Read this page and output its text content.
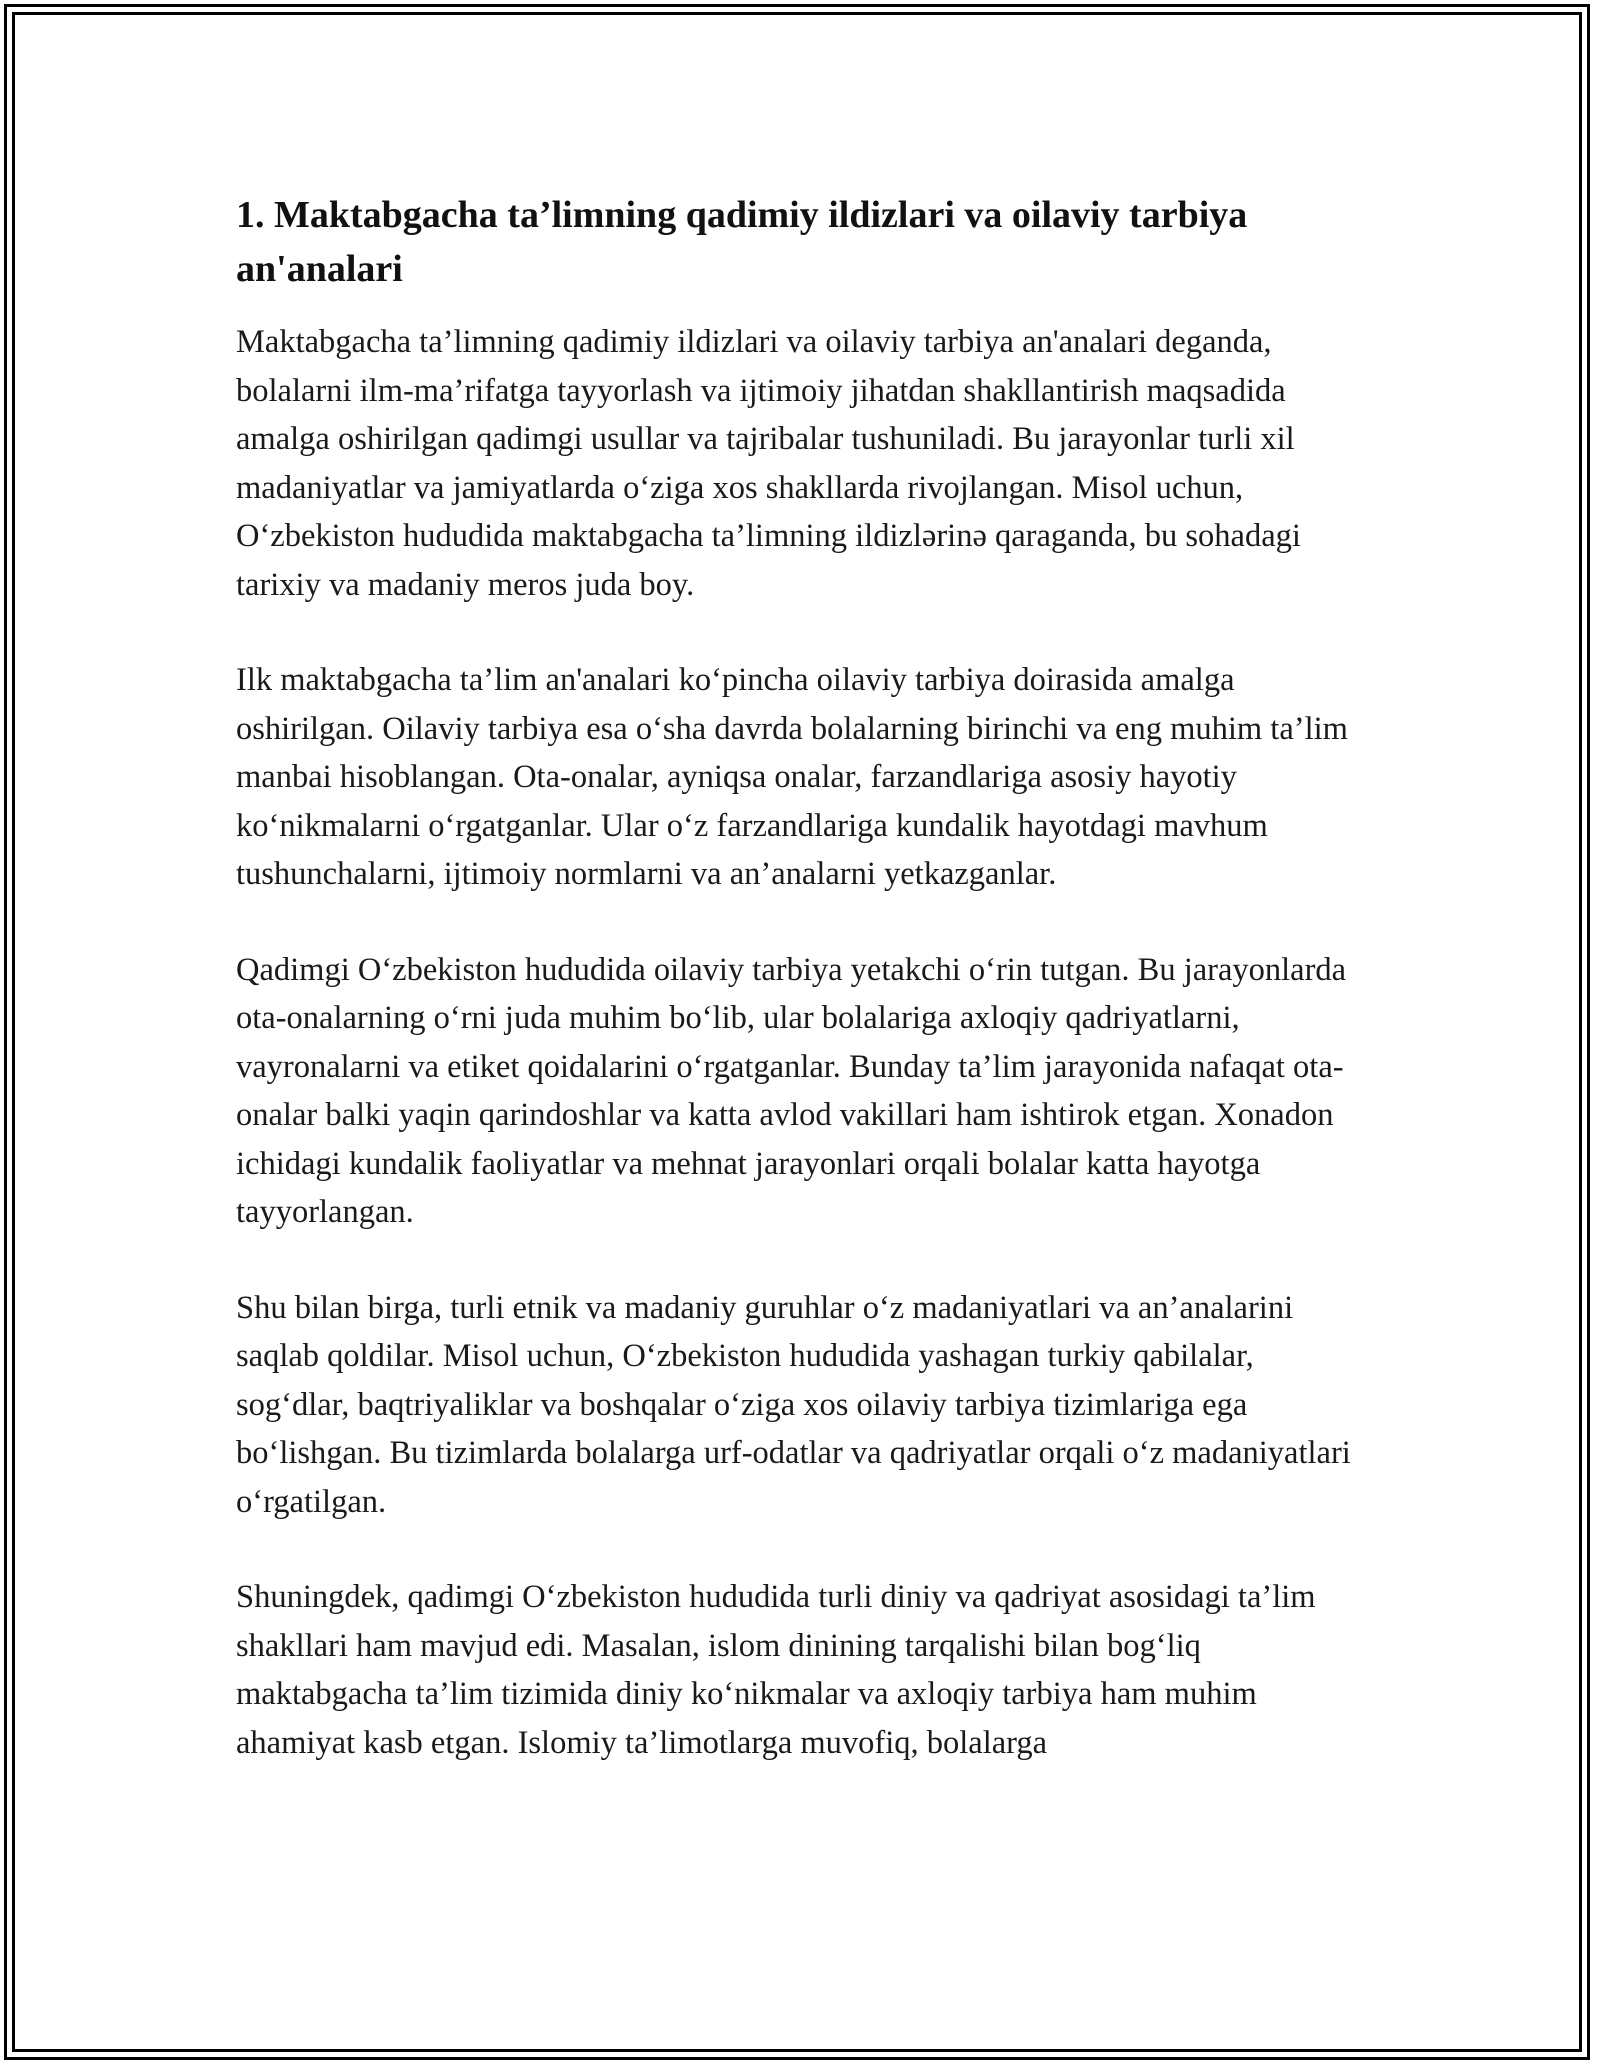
1. Maktabgacha ta’limning qadimiy ildizlari va oilaviy tarbiya an'analari

Maktabgacha ta’limning qadimiy ildizlari va oilaviy tarbiya an'analari deganda, bolalarni ilm-ma’rifatga tayyorlash va ijtimoiy jihatdan shakllantirish maqsadida amalga oshirilgan qadimgi usullar va tajribalar tushuniladi. Bu jarayonlar turli xil madaniyatlar va jamiyatlarda o‘ziga xos shakllarda rivojlangan. Misol uchun, O‘zbekiston hududida maktabgacha ta’limning ildizlərinə qaraganda, bu sohadagi tarixiy va madaniy meros juda boy.

Ilk maktabgacha ta’lim an'analari ko‘pincha oilaviy tarbiya doirasida amalga oshirilgan. Oilaviy tarbiya esa o‘sha davrda bolalarning birinchi va eng muhim ta’lim manbai hisoblangan. Ota-onalar, ayniqsa onalar, farzandlariga asosiy hayotiy ko‘nikmalarni o‘rgatganlar. Ular o‘z farzandlariga kundalik hayotdagi mavhum tushunchalarni, ijtimoiy normlarni va an’analarni yetkazganlar.

Qadimgi O‘zbekiston hududida oilaviy tarbiya yetakchi o‘rin tutgan. Bu jarayonlarda ota-onalarning o‘rni juda muhim bo‘lib, ular bolalariga axloqiy qadriyatlarni, vayronalarni va etiket qoidalarini o‘rgatganlar. Bunday ta’lim jarayonida nafaqat ota-onalar balki yaqin qarindoshlar va katta avlod vakillari ham ishtirok etgan. Xonadon ichidagi kundalik faoliyatlar va mehnat jarayonlari orqali bolalar katta hayotga tayyorlangan.

Shu bilan birga, turli etnik va madaniy guruhlar o‘z madaniyatlari va an’analarini saqlab qoldilar. Misol uchun, O‘zbekiston hududida yashagan turkiy qabilalar, sog‘dlar, baqtriyaliklar va boshqalar o‘ziga xos oilaviy tarbiya tizimlariga ega bo‘lishgan. Bu tizimlarda bolalarga urf-odatlar va qadriyatlar orqali o‘z madaniyatlari o‘rgatilgan.

Shuningdek, qadimgi O‘zbekiston hududida turli diniy va qadriyat asosidagi ta’lim shakllari ham mavjud edi. Masalan, islom dinining tarqalishi bilan bog‘liq maktabgacha ta’lim tizimida diniy ko‘nikmalar va axloqiy tarbiya ham muhim ahamiyat kasb etgan. Islomiy ta’limotlarga muvofiq, bolalarga
